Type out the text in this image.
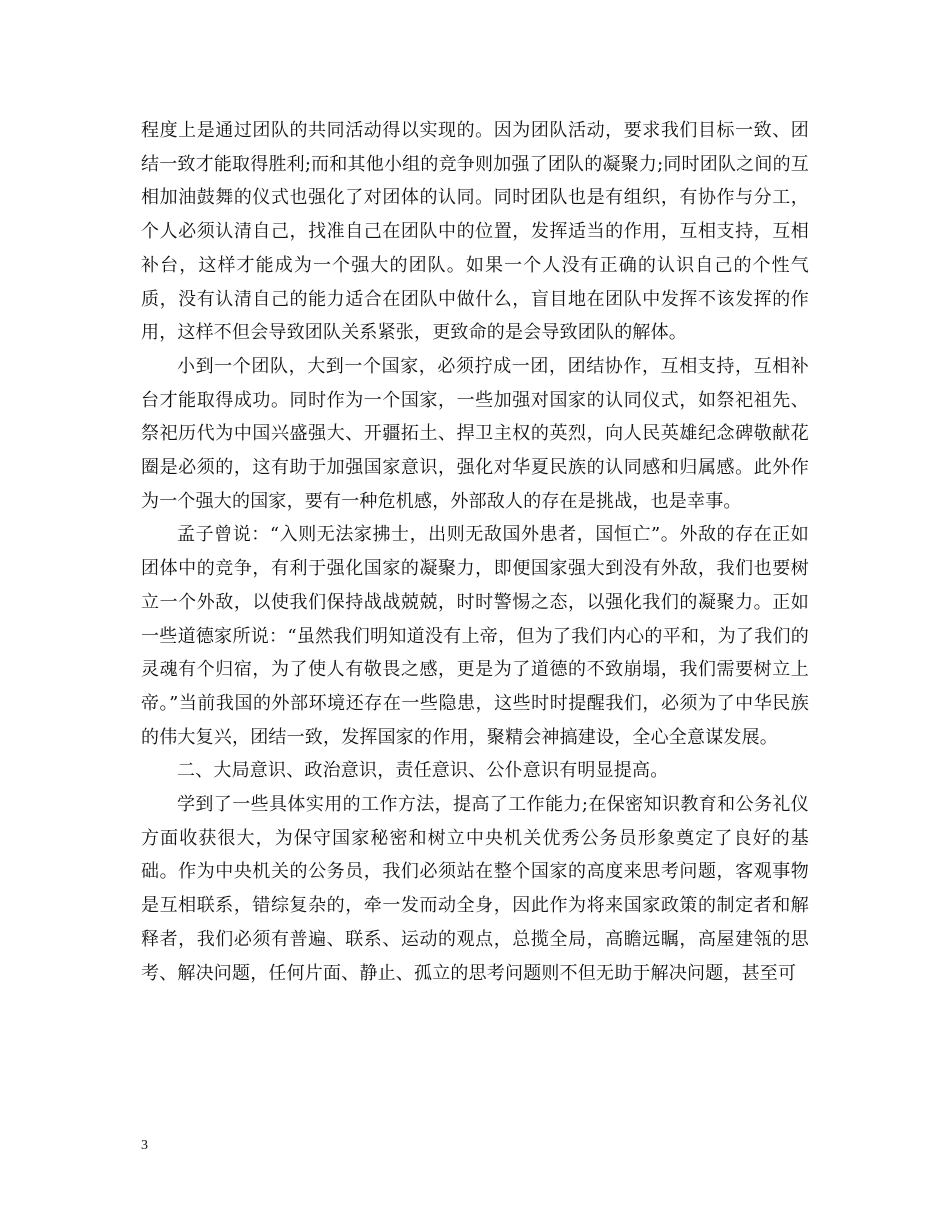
程度上是通过团队的共同活动得以实现的。因为团队活动，要求我们目标一致、团结一致才能取得胜利;而和其他小组的竞争则加强了团队的凝聚力;同时团队之间的互相加油鼓舞的仪式也强化了对团体的认同。同时团队也是有组织，有协作与分工，个人必须认清自己，找准自己在团队中的位置，发挥适当的作用，互相支持，互相补台，这样才能成为一个强大的团队。如果一个人没有正确的认识自己的个性气质，没有认清自己的能力适合在团队中做什么，盲目地在团队中发挥不该发挥的作用，这样不但会导致团队关系紧张，更致命的是会导致团队的解体。

小到一个团队，大到一个国家，必须拧成一团，团结协作，互相支持，互相补台才能取得成功。同时作为一个国家，一些加强对国家的认同仪式，如祭祀祖先、祭祀历代为中国兴盛强大、开疆拓土、捍卫主权的英烈，向人民英雄纪念碑敬献花圈是必须的，这有助于加强国家意识，强化对华夏民族的认同感和归属感。此外作为一个强大的国家，要有一种危机感，外部敌人的存在是挑战，也是幸事。

孟子曾说：“入则无法家拂士，出则无敌国外患者，国恒亡”。外敌的存在正如团体中的竞争，有利于强化国家的凝聚力，即便国家强大到没有外敌，我们也要树立一个外敌，以使我们保持战战兢兢，时时警惕之态，以强化我们的凝聚力。正如一些道德家所说：“虽然我们明知道没有上帝，但为了我们内心的平和，为了我们的灵魂有个归宿，为了使人有敬畏之感，更是为了道德的不致崩塌，我们需要树立上帝。”当前我国的外部环境还存在一些隐患，这些时时提醒我们，必须为了中华民族的伟大复兴，团结一致，发挥国家的作用，聚精会神搞建设，全心全意谋发展。

二、大局意识、政治意识，责任意识、公仆意识有明显提高。

学到了一些具体实用的工作方法，提高了工作能力;在保密知识教育和公务礼仪方面收获很大，为保守国家秘密和树立中央机关优秀公务员形象奠定了良好的基础。作为中央机关的公务员，我们必须站在整个国家的高度来思考问题，客观事物是互相联系，错综复杂的，牵一发而动全身，因此作为将来国家政策的制定者和解释者，我们必须有普遍、联系、运动的观点，总揽全局，高瞻远瞩，高屋建瓴的思考、解决问题，任何片面、静止、孤立的思考问题则不但无助于解决问题，甚至可

3
